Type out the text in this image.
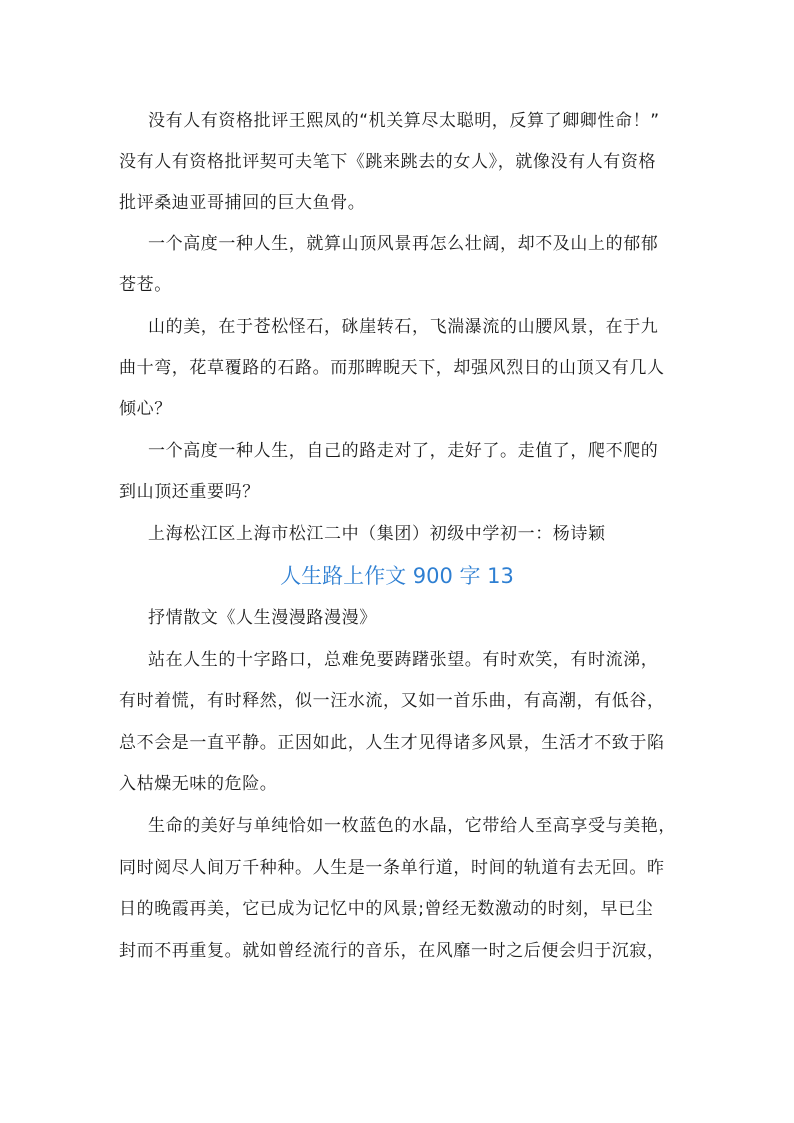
没有人有资格批评王熙凤的“机关算尽太聪明，反算了卿卿性命！”
没有人有资格批评契可夫笔下《跳来跳去的女人》，就像没有人有资格
批评桑迪亚哥捕回的巨大鱼骨。
一个高度一种人生，就算山顶风景再怎么壮阔，却不及山上的郁郁
苍苍。
山的美，在于苍松怪石，砯崖转石，飞湍瀑流的山腰风景，在于九
曲十弯，花草覆路的石路。而那睥睨天下，却强风烈日的山顶又有几人
倾心？
一个高度一种人生，自己的路走对了，走好了。走值了，爬不爬的
到山顶还重要吗？
上海松江区上海市松江二中（集团）初级中学初一：杨诗颖
人生路上作文 900 字 13
抒情散文《人生漫漫路漫漫》
站在人生的十字路口，总难免要踌躇张望。有时欢笑，有时流涕，
有时着慌，有时释然，似一汪水流，又如一首乐曲，有高潮，有低谷，
总不会是一直平静。正因如此，人生才见得诸多风景，生活才不致于陷
入枯燥无味的危险。
生命的美好与单纯恰如一枚蓝色的水晶，它带给人至高享受与美艳，
同时阅尽人间万千种种。人生是一条单行道，时间的轨道有去无回。昨
日的晚霞再美，它已成为记忆中的风景;曾经无数激动的时刻，早已尘
封而不再重复。就如曾经流行的音乐，在风靡一时之后便会归于沉寂，
